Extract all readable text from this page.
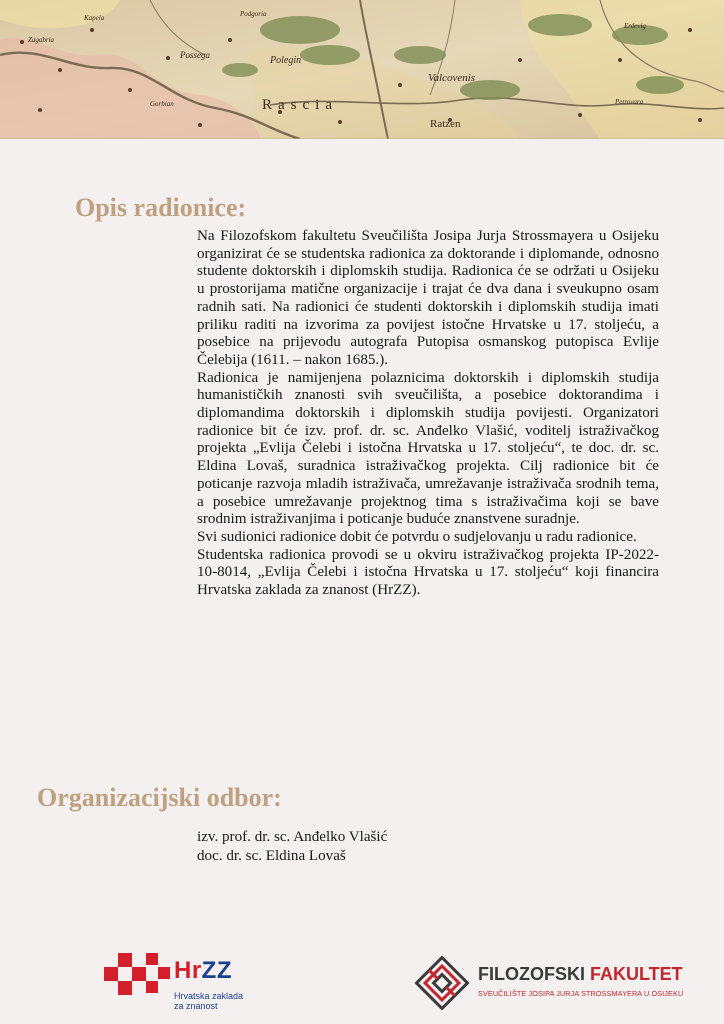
Polegin
Rascia
Valcovenis
Ratzen
Zagabria
Kapela
Possega
Petrovara
Gorbian
Erdevig
Podgoria
Opis radionice:

Na Filozofskom fakultetu Sveučilišta Josipa Jurja Strossmayera u Osijeku organizirat će se studentska radionica za doktorande i diplomande, odnosno studente doktorskih i diplomskih studija. Radionica će se održati u Osijeku u prostorijama matične organizacije i trajat će dva dana i sveukupno osam radnih sati. Na radionici će studenti doktorskih i diplomskih studija imati priliku raditi na izvorima za povijest istočne Hrvatske u 17. stoljeću, a posebice na prijevodu autografa Putopisa osmanskog putopisca Evlije Čelebija (1611. – nakon 1685.).

Radionica je namijenjena polaznicima doktorskih i diplomskih studija humanističkih znanosti svih sveučilišta, a posebice doktorandima i diplomandima doktorskih i diplomskih studija povijesti. Organizatori radionice bit će izv. prof. dr. sc. Anđelko Vlašić, voditelj istraživačkog projekta „Evlija Čelebi i istočna Hrvatska u 17. stoljeću“, te doc. dr. sc. Eldina Lovaš, suradnica istraživačkog projekta. Cilj radionice bit će poticanje razvoja mladih istraživača, umrežavanje istraživača srodnih tema, a posebice umrežavanje projektnog tima s istraživačima koji se bave srodnim istraživanjima i poticanje buduće znanstvene suradnje.

Svi sudionici radionice dobit će potvrdu o sudjelovanju u radu radionice.

Studentska radionica provodi se u okviru istraživačkog projekta IP-2022-10-8014, „Evlija Čelebi i istočna Hrvatska u 17. stoljeću“ koji financira Hrvatska zaklada za znanost (HrZZ).

Organizacijski odbor:
izv. prof. dr. sc. Anđelko Vlašić
doc. dr. sc. Eldina Lovaš
HrZZ
Hrvatska zaklada
za znanost
FILOZOFSKI FAKULTET
SVEUČILIŠTE JOSIPA JURJA STROSSMAYERA U OSIJEKU
